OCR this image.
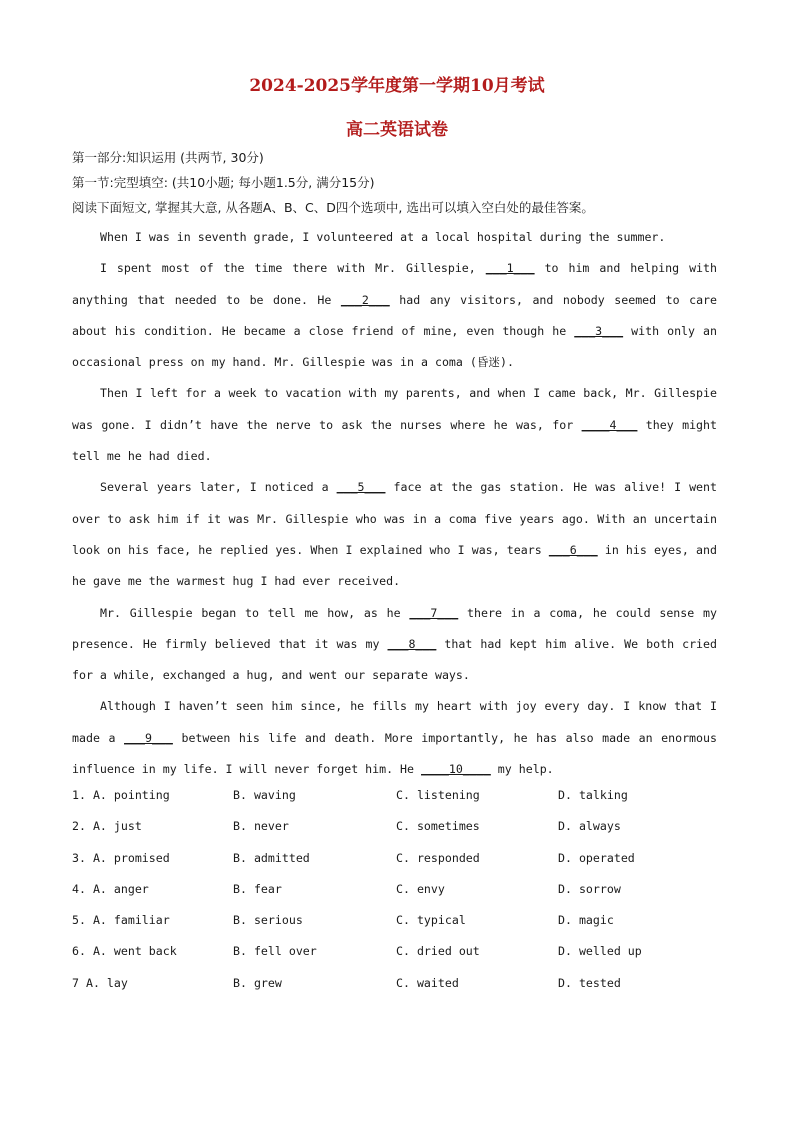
2024-2025学年度第一学期10月考试
高二英语试卷
第一部分:知识运用 (共两节, 30分)
第一节:完型填空: (共10小题; 每小题1.5分, 满分15分)
阅读下面短文, 掌握其大意, 从各题A、B、C、D四个选项中, 选出可以填入空白处的最佳答案。

When I was in seventh grade, I volunteered at a local hospital during the summer.

I spent most of the time there with Mr. Gillespie, ___1___ to him and helping with anything that needed to be done. He ___2___ had any visitors, and nobody seemed to care about his condition. He became a close friend of mine, even though he ___3___ with only an occasional press on my hand. Mr. Gillespie was in a coma (昏迷).

Then I left for a week to vacation with my parents, and when I came back, Mr. Gillespie was gone. I didn’t have the nerve to ask the nurses where he was, for ____4___ they might tell me he had died.

Several years later, I noticed a ___5___ face at the gas station. He was alive! I went over to ask him if it was Mr. Gillespie who was in a coma five years ago. With an uncertain look on his face, he replied yes. When I explained who I was, tears ___6___ in his eyes, and he gave me the warmest hug I had ever received.

Mr. Gillespie began to tell me how, as he ___7___ there in a coma, he could sense my presence. He firmly believed that it was my ___8___ that had kept him alive. We both cried for a while, exchanged a hug, and went our separate ways.

Although I haven’t seen him since, he fills my heart with joy every day. I know that I made a ___9___ between his life and death. More importantly, he has also made an enormous influence in my life. I will never forget him. He ____10____ my help.

1. A. pointing	B. waving	C. listening	D. talking
2. A. just	B. never	C. sometimes	D. always
3. A. promised	B. admitted	C. responded	D. operated
4. A. anger	B. fear	C. envy	D. sorrow
5. A. familiar	B. serious	C. typical	D. magic
6. A. went back	B. fell over	C. dried out	D. welled up
7 A. lay	B. grew	C. waited	D. tested
